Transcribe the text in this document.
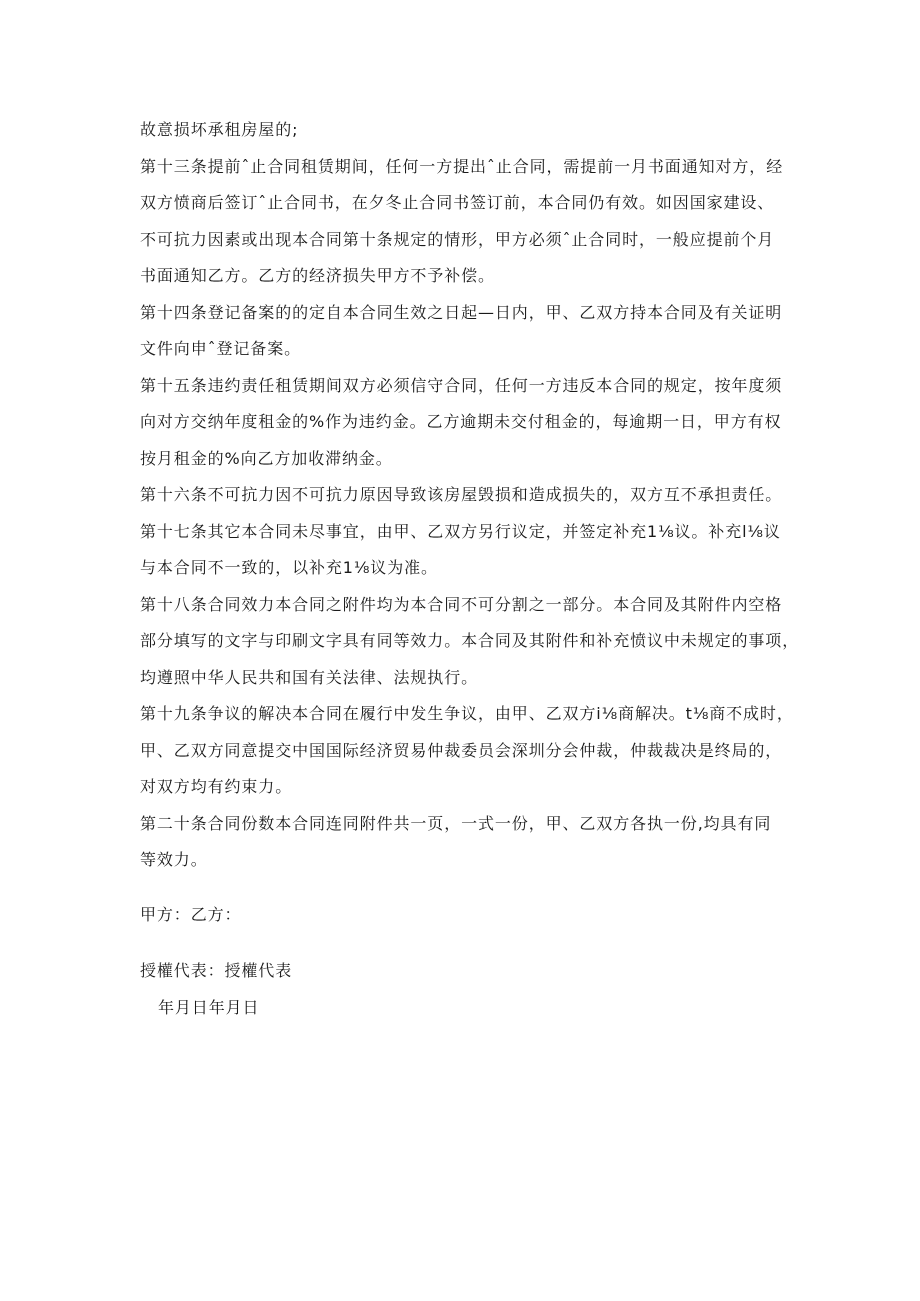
故意损坏承租房屋的;

第十三条提前ˆ止合同租赁期间，任何一方提出ˆ止合同，需提前一月书面通知对方，经
双方愤商后签订ˆ止合同书，在夕冬止合同书签订前，本合同仍有效。如因国家建设、
不可抗力因素或出现本合同第十条规定的情形，甲方必须ˆ止合同时，一般应提前个月
书面通知乙方。乙方的经济损失甲方不予补偿。

第十四条登记备案的的定自本合同生效之日起—日内，甲、乙双方持本合同及有关证明
文件向申ˆ登记备案。

第十五条违约责任租赁期间双方必须信守合同，任何一方违反本合同的规定，按年度须
向对方交纳年度租金的%作为违约金。乙方逾期未交付租金的，每逾期一日，甲方有权
按月租金的%向乙方加收滞纳金。

第十六条不可抗力因不可抗力原因导致该房屋毁损和造成损失的，双方互不承担责任。

第十七条其它本合同未尽事宜，由甲、乙双方另行议定，并签定补充1⅛议。补充l⅛议
与本合同不一致的，以补充1⅛议为准。

第十八条合同效力本合同之附件均为本合同不可分割之一部分。本合同及其附件内空格
部分填写的文字与印刷文字具有同等效力。本合同及其附件和补充愤议中未规定的事项，
均遵照中华人民共和国有关法律、法规执行。

第十九条争议的解决本合同在履行中发生争议，由甲、乙双方i⅛商解决。t⅛商不成时，
甲、乙双方同意提交中国国际经济贸易仲裁委员会深圳分会仲裁，仲裁裁决是终局的，
对双方均有约束力。

第二十条合同份数本合同连同附件共一页，一式一份，甲、乙双方各执一份,均具有同
等效力。

甲方：乙方：

授權代表：授權代表

年月日年月日
